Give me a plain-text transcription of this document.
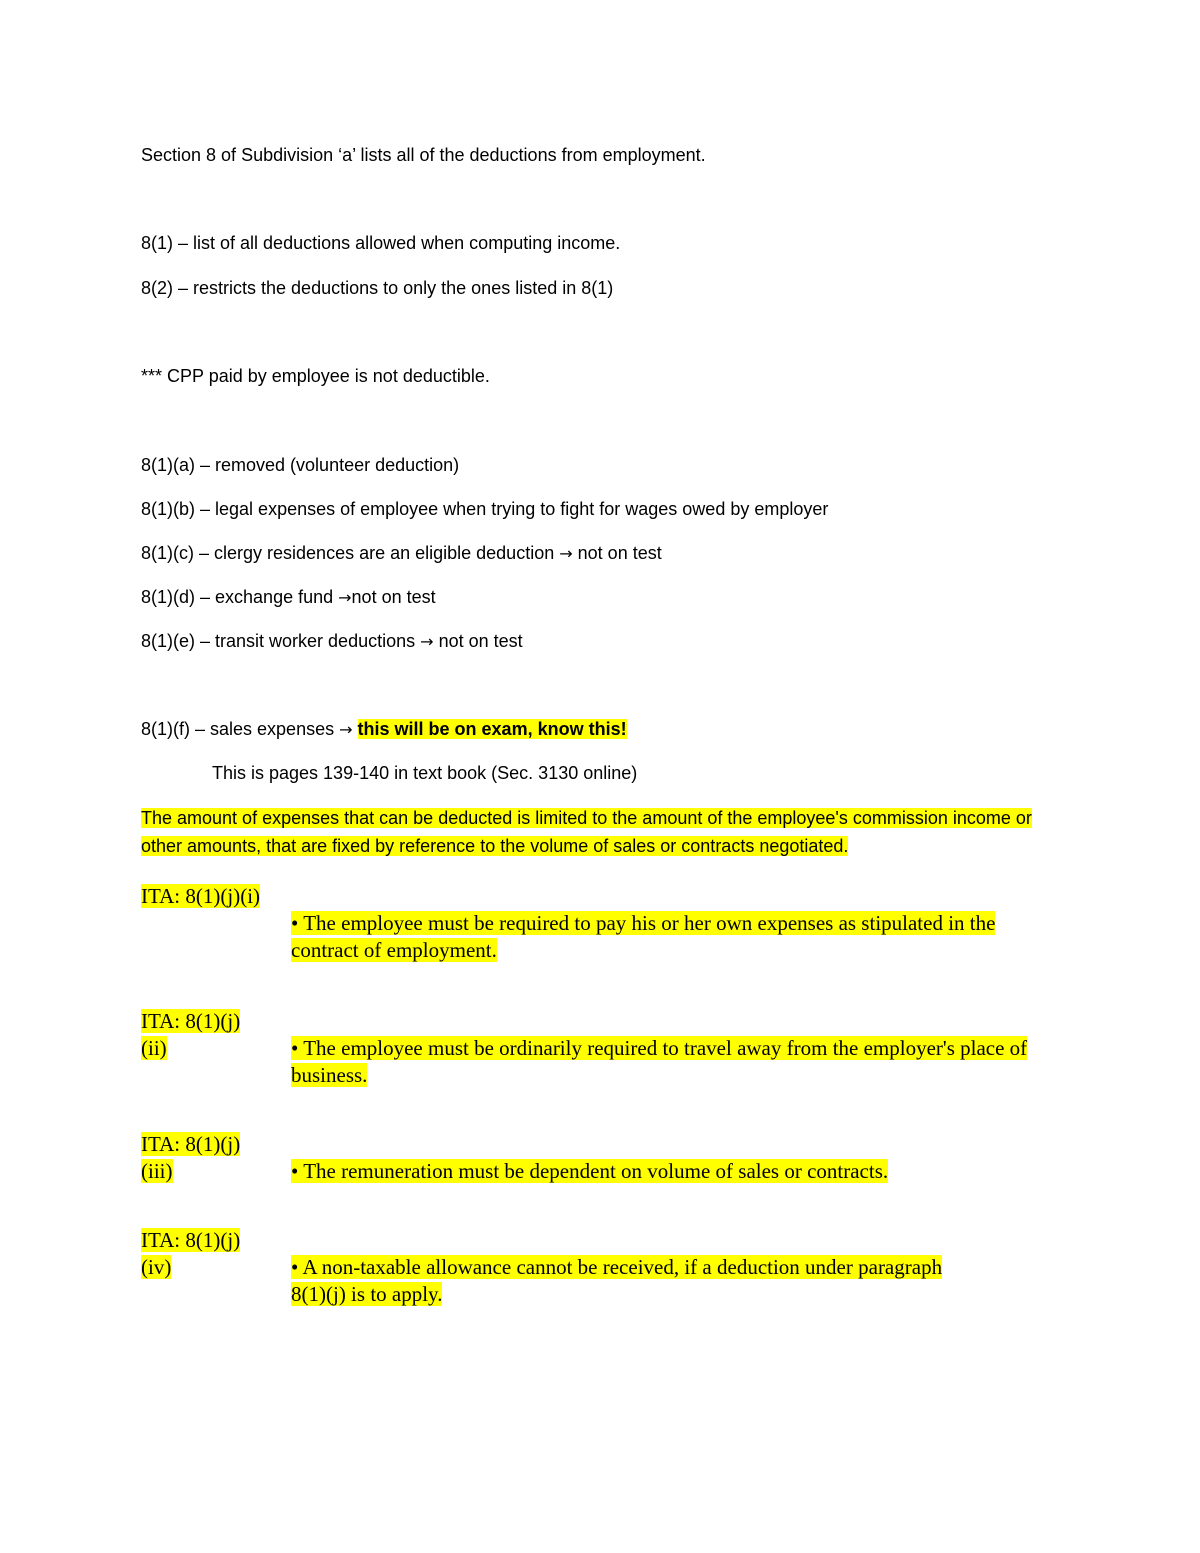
Section 8 of Subdivision ‘a’ lists all of the deductions from employment.

8(1) – list of all deductions allowed when computing income.

8(2) – restricts the deductions to only the ones listed in 8(1)

*** CPP paid by employee is not deductible.

8(1)(a) – removed (volunteer deduction)

8(1)(b) – legal expenses of employee when trying to fight for wages owed by employer

8(1)(c) – clergy residences are an eligible deduction → not on test

8(1)(d) – exchange fund →not on test

8(1)(e) – transit worker deductions → not on test

8(1)(f) – sales expenses → this will be on exam, know this!

This is pages 139-140 in text book (Sec. 3130 online)

The amount of expenses that can be deducted is limited to the amount of the employee's commission income or other amounts, that are fixed by reference to the volume of sales or contracts negotiated.

ITA: 8(1)(j)(i)
• The employee must be required to pay his or her own expenses as stipulated in the contract of employment.
ITA: 8(1)(j)
(ii)	• The employee must be ordinarily required to travel away from the employer's place of business.
ITA: 8(1)(j)
(iii)	• The remuneration must be dependent on volume of sales or contracts.
ITA: 8(1)(j)
(iv)	• A non-taxable allowance cannot be received, if a deduction under paragraph 8(1)(j) is to apply.
